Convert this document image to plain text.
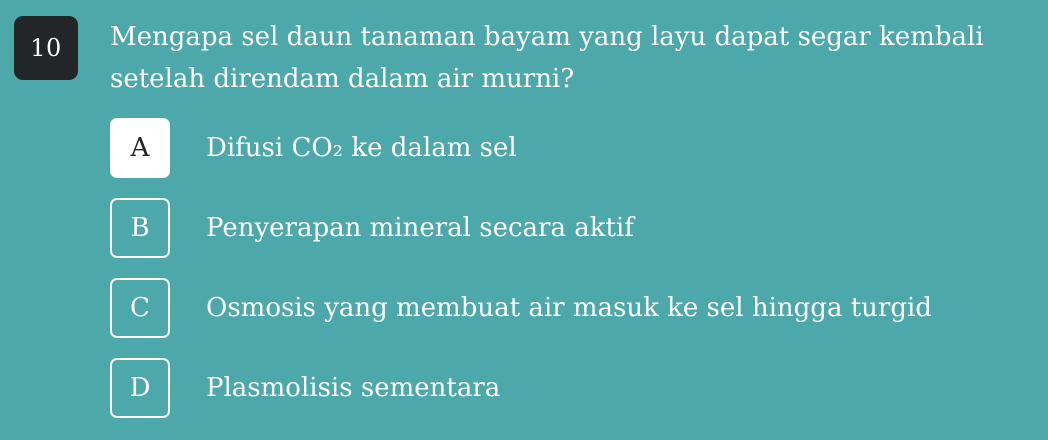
10	Mengapa sel daun tanaman bayam yang layu dapat segar kembali setelah direndam dalam air murni?

A	Difusi CO₂ ke dalam sel
B	Penyerapan mineral secara aktif
C	Osmosis yang membuat air masuk ke sel hingga turgid
D	Plasmolisis sementara
